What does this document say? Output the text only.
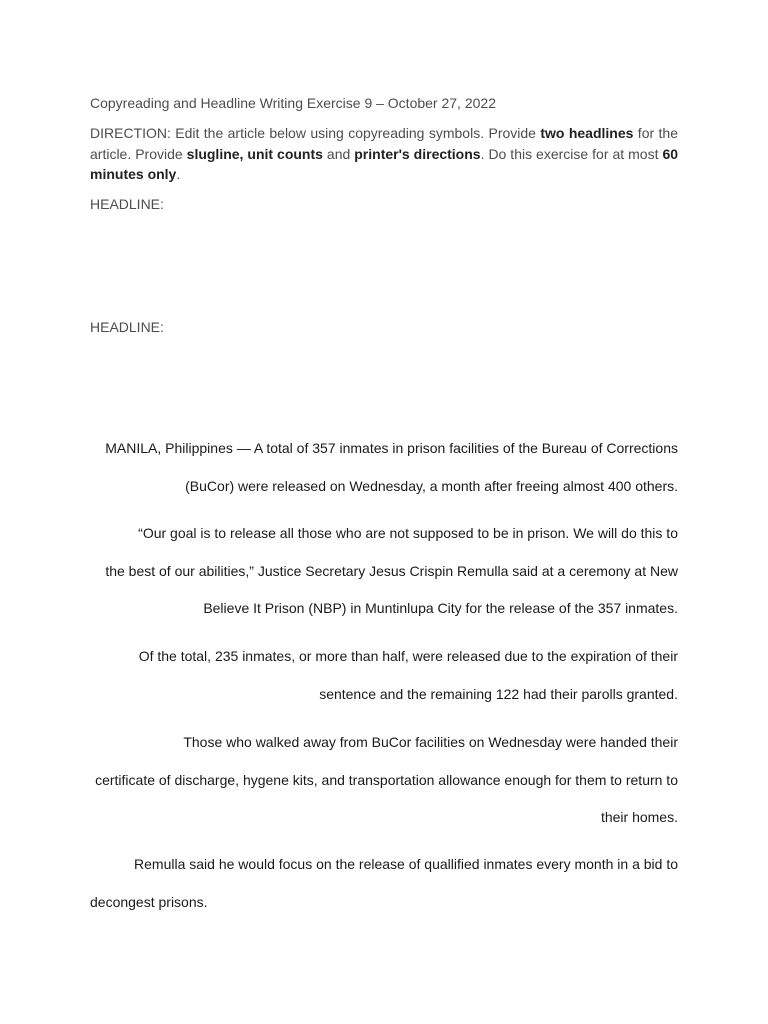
Copyreading and Headline Writing Exercise 9 – October 27, 2022
DIRECTION: Edit the article below using copyreading symbols. Provide two headlines for the article. Provide slugline, unit counts and printer's directions. Do this exercise for at most 60 minutes only.
HEADLINE:
HEADLINE:
MANILA, Philippines — A total of 357 inmates in prison facilities of the Bureau of Corrections
(BuCor) were released on Wednesday, a month after freeing almost 400 others.
“Our goal is to release all those who are not supposed to be in prison. We will do this to
the best of our abilities,” Justice Secretary Jesus Crispin Remulla said at a ceremony at New
Believe It Prison (NBP) in Muntinlupa City for the release of the 357 inmates.
Of the total, 235 inmates, or more than half, were released due to the expiration of their
sentence and the remaining 122 had their parolls granted.
Those who walked away from BuCor facilities on Wednesday were handed their
certificate of discharge, hygene kits, and transportation allowance enough for them to return to
their homes.
Remulla said he would focus on the release of quallified inmates every month in a bid to
decongest prisons.
